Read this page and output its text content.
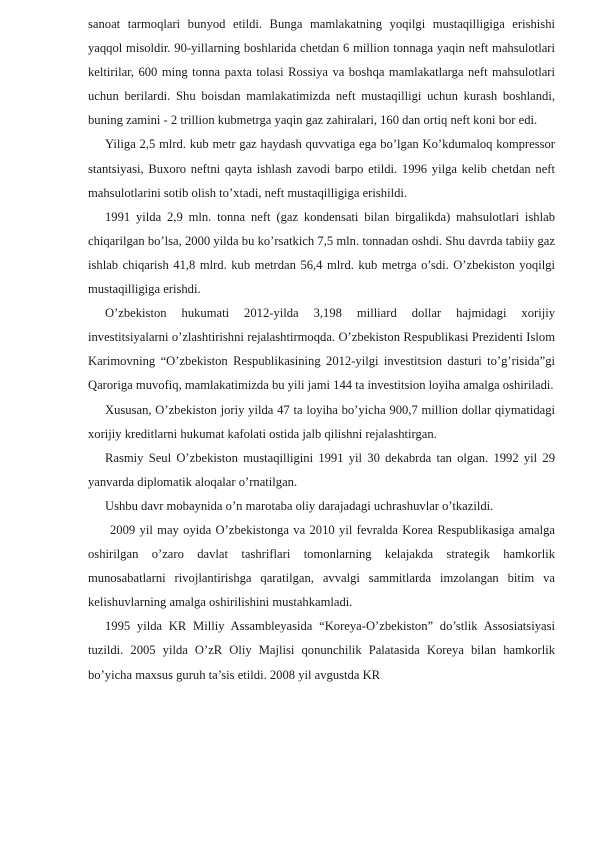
sanoat tarmoqlari bunyod etildi. Bunga mamlakatning yoqilgi mustaqilligiga erishishi yaqqol misoldir. 90-yillarning boshlarida chetdan 6 million tonnaga yaqin neft mahsulotlari keltirilar, 600 ming tonna paxta tolasi Rossiya va boshqa mamlakatlarga neft mahsulotlari uchun berilardi. Shu boisdan mamlakatimizda neft mustaqilligi uchun kurash boshlandi, buning zamini - 2 trillion kubmetrga yaqin gaz zahiralari, 160 dan ortiq neft koni bor edi.

Yiliga 2,5 mlrd. kub metr gaz haydash quvvatiga ega bo’lgan Ko’kdumaloq kompressor stantsiyasi, Buxoro neftni qayta ishlash zavodi barpo etildi. 1996 yilga kelib chetdan neft mahsulotlarini sotib olish to’xtadi, neft mustaqilligiga erishildi.

1991 yilda 2,9 mln. tonna neft (gaz kondensati bilan birgalikda) mahsulotlari ishlab chiqarilgan bo’lsa, 2000 yilda bu ko’rsatkich 7,5 mln. tonnadan oshdi. Shu davrda tabiiy gaz ishlab chiqarish 41,8 mlrd. kub metrdan 56,4 mlrd. kub metrga o’sdi. O’zbekiston yoqilgi mustaqilligiga erishdi.

O’zbekiston hukumati 2012-yilda 3,198 milliard dollar hajmidagi xorijiy investitsiyalarni o’zlashtirishni rejalashtirmoqda. O’zbekiston Respublikasi Prezidenti Islom Karimovning “O’zbekiston Respublikasining 2012-yilgi investitsion dasturi to’g’risida”gi Qaroriga muvofiq, mamlakatimizda bu yili jami 144 ta investitsion loyiha amalga oshiriladi.

Xususan, O’zbekiston joriy yilda 47 ta loyiha bo’yicha 900,7 million dollar qiymatidagi xorijiy kreditlarni hukumat kafolati ostida jalb qilishni rejalashtirgan.

Rasmiy Seul O’zbekiston mustaqilligini 1991 yil 30 dekabrda tan olgan. 1992 yil 29 yanvarda diplomatik aloqalar o’rnatilgan.

Ushbu davr mobaynida o’n marotaba oliy darajadagi uchrashuvlar o’tkazildi.

2009 yil may oyida O’zbekistonga va 2010 yil fevralda Korea Respublikasiga amalga oshirilgan o’zaro davlat tashriflari tomonlarning kelajakda strategik hamkorlik munosabatlarni rivojlantirishga qaratilgan, avvalgi sammitlarda imzolangan bitim va kelishuvlarning amalga oshirilishini mustahkamladi.

1995 yilda KR Milliy Assambleyasida “Koreya-O’zbekiston” do’stlik Assosiatsiyasi tuzildi. 2005 yilda O’zR Oliy Majlisi qonunchilik Palatasida Koreya bilan hamkorlik bo’yicha maxsus guruh ta’sis etildi. 2008 yil avgustda KR
